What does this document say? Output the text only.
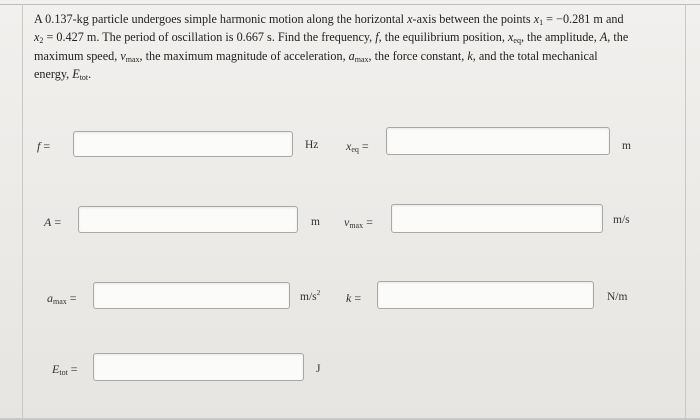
A 0.137-kg particle undergoes simple harmonic motion along the horizontal x-axis between the points $x_1 = -0.281$ m and
$x_2 = 0.427$ m. The period of oscillation is 0.667 s. Find the frequency, f, the equilibrium position, $x_{eq}$, the amplitude, A, the
maximum speed, $v_{max}$, the maximum magnitude of acceleration, $a_{max}$, the force constant, k, and the total mechanical
energy, $E_{tot}$.
f =	Hz $x_{eq}$ =	m
A =	m $v_{max}$ =	m/s
$a_{max}$ =	$m/s^2$ k =	N/m
$E_{tot}$ =	J
